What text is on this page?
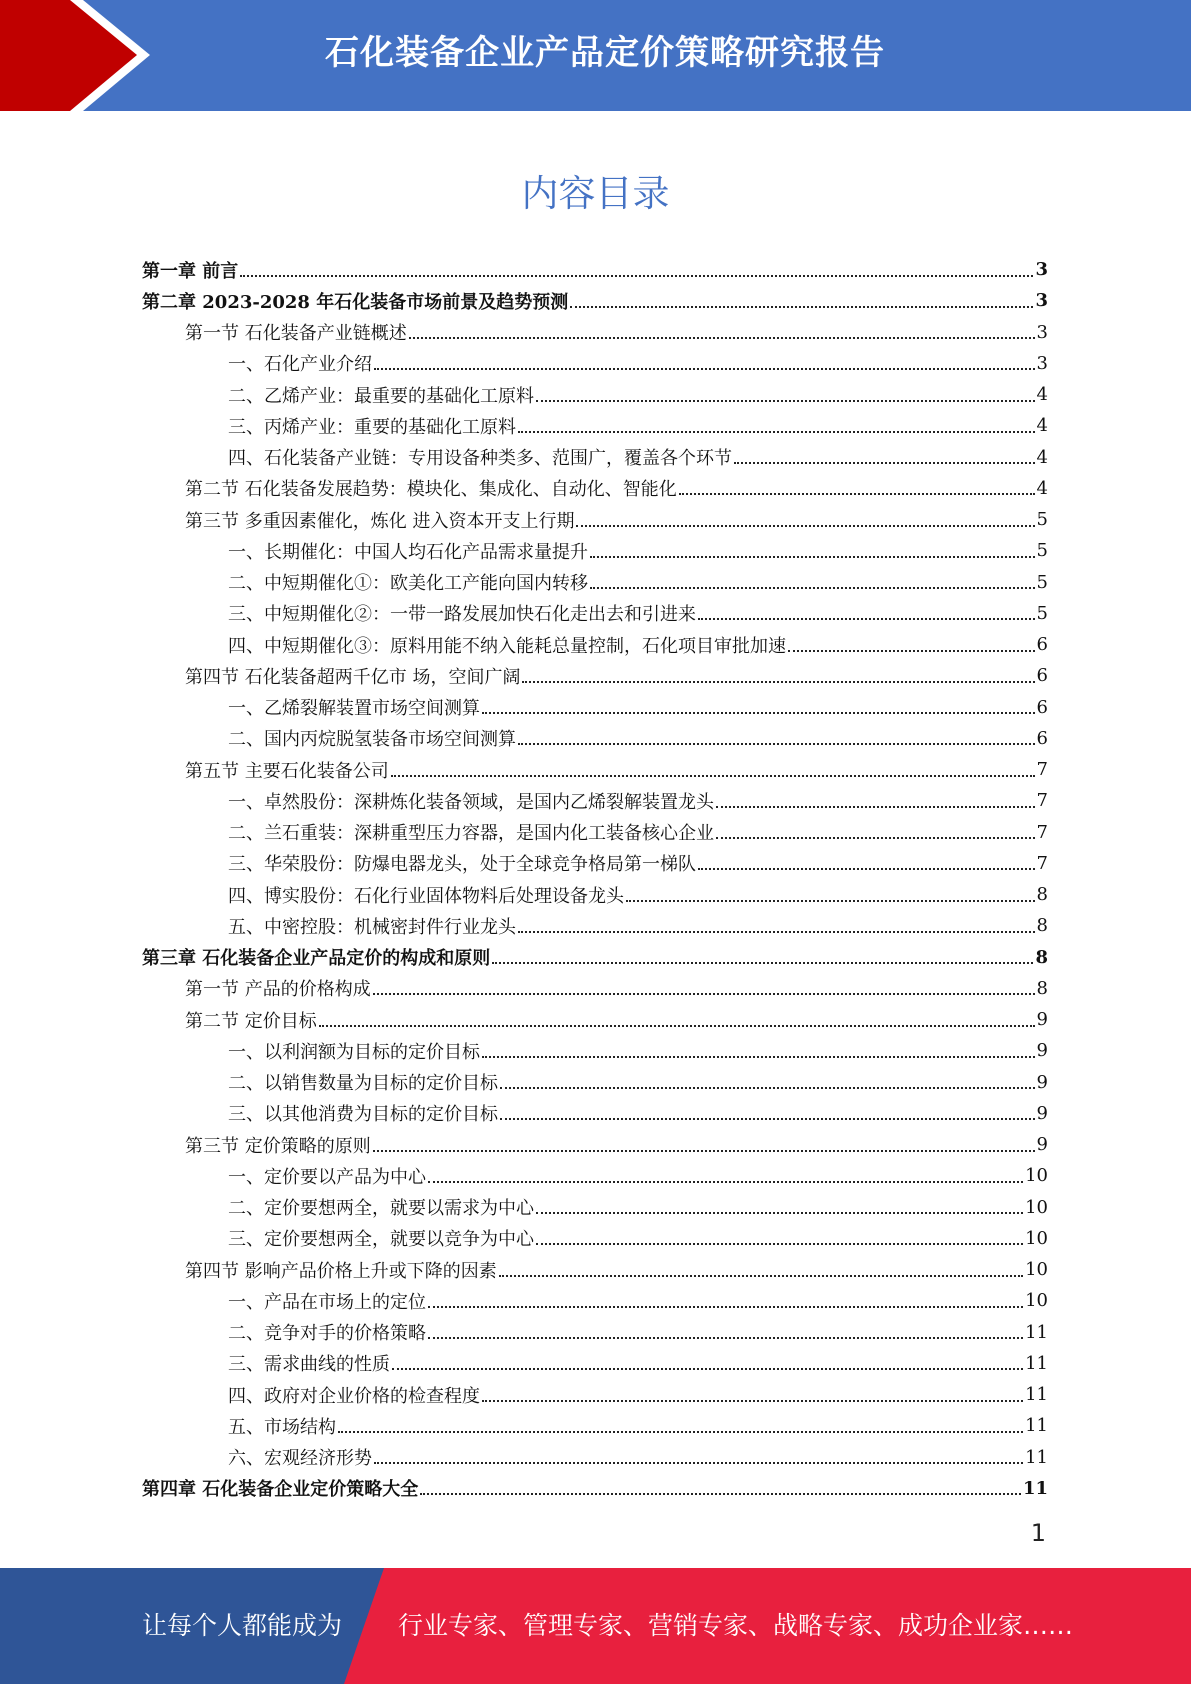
石化装备企业产品定价策略研究报告
内容目录
第一章 前言	3
第二章 2023-2028 年石化装备市场前景及趋势预测	3
第一节 石化装备产业链概述	3
一、石化产业介绍	3
二、乙烯产业：最重要的基础化工原料	4
三、丙烯产业：重要的基础化工原料	4
四、石化装备产业链：专用设备种类多、范围广，覆盖各个环节	4
第二节 石化装备发展趋势：模块化、集成化、自动化、智能化	4
第三节 多重因素催化，炼化 进入资本开支上行期	5
一、长期催化：中国人均石化产品需求量提升	5
二、中短期催化①：欧美化工产能向国内转移	5
三、中短期催化②：一带一路发展加快石化走出去和引进来	5
四、中短期催化③：原料用能不纳入能耗总量控制，石化项目审批加速	6
第四节 石化装备超两千亿市 场，空间广阔	6
一、乙烯裂解装置市场空间测算	6
二、国内丙烷脱氢装备市场空间测算	6
第五节 主要石化装备公司	7
一、卓然股份：深耕炼化装备领域，是国内乙烯裂解装置龙头	7
二、兰石重装：深耕重型压力容器，是国内化工装备核心企业	7
三、华荣股份：防爆电器龙头，处于全球竞争格局第一梯队	7
四、博实股份：石化行业固体物料后处理设备龙头	8
五、中密控股：机械密封件行业龙头	8
第三章 石化装备企业产品定价的构成和原则	8
第一节 产品的价格构成	8
第二节 定价目标	9
一、以利润额为目标的定价目标	9
二、以销售数量为目标的定价目标	9
三、以其他消费为目标的定价目标	9
第三节 定价策略的原则	9
一、定价要以产品为中心	10
二、定价要想两全，就要以需求为中心	10
三、定价要想两全，就要以竞争为中心	10
第四节 影响产品价格上升或下降的因素	10
一、产品在市场上的定位	10
二、竞争对手的价格策略	11
三、需求曲线的性质	11
四、政府对企业价格的检查程度	11
五、市场结构	11
六、宏观经济形势	11
第四章 石化装备企业定价策略大全	11
1
让每个人都能成为 行业专家、管理专家、营销专家、战略专家、成功企业家……
